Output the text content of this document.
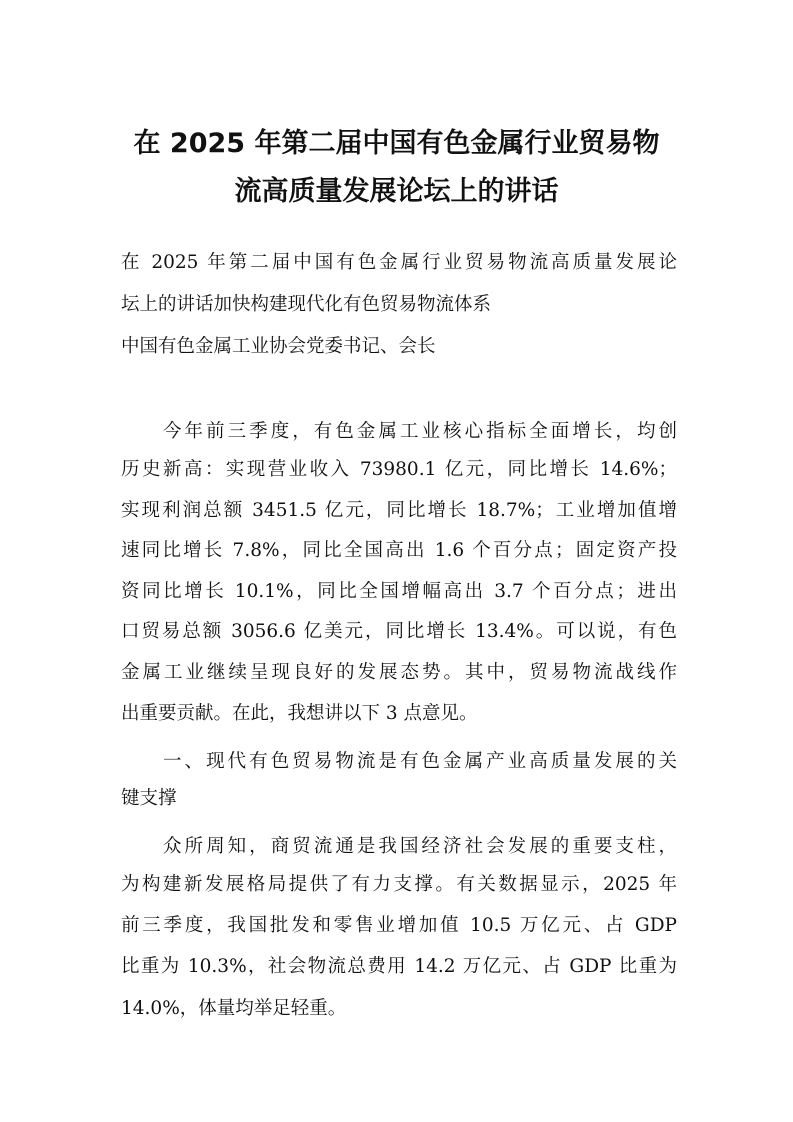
在 2025 年第二届中国有色金属行业贸易物
流高质量发展论坛上的讲话

在 2025 年第二届中国有色金属行业贸易物流高质量发展论

坛上的讲话加快构建现代化有色贸易物流体系

中国有色金属工业协会党委书记、会长

今年前三季度，有色金属工业核心指标全面增长，均创

历史新高：实现营业收入 73980.1 亿元，同比增长 14.6%；

实现利润总额 3451.5 亿元，同比增长 18.7%；工业增加值增

速同比增长 7.8%，同比全国高出 1.6 个百分点；固定资产投

资同比增长 10.1%，同比全国增幅高出 3.7 个百分点；进出

口贸易总额 3056.6 亿美元，同比增长 13.4%。可以说，有色

金属工业继续呈现良好的发展态势。其中，贸易物流战线作

出重要贡献。在此，我想讲以下 3 点意见。

一、现代有色贸易物流是有色金属产业高质量发展的关

键支撑

众所周知，商贸流通是我国经济社会发展的重要支柱，

为构建新发展格局提供了有力支撑。有关数据显示，2025 年

前三季度，我国批发和零售业增加值 10.5 万亿元、占 GDP

比重为 10.3%，社会物流总费用 14.2 万亿元、占 GDP 比重为

14.0%，体量均举足轻重。
